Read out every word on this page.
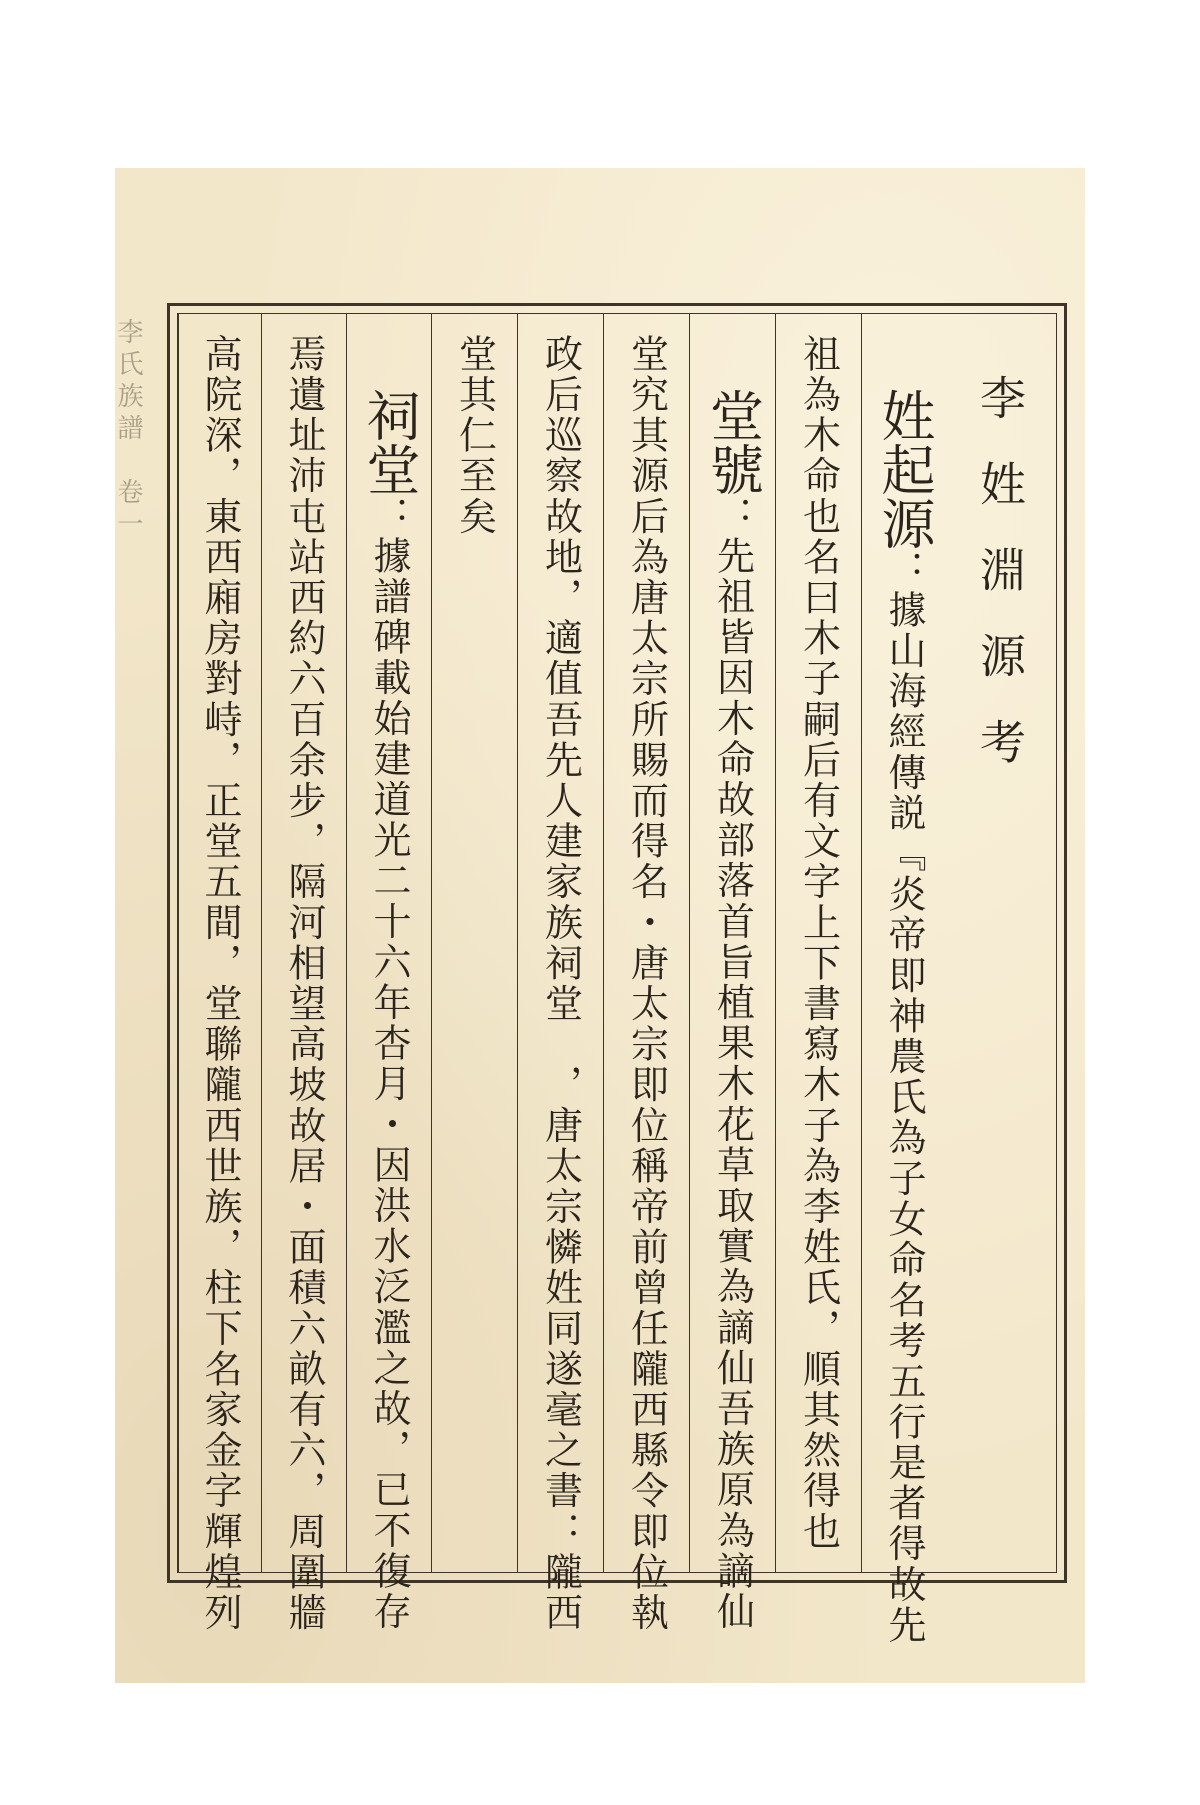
李氏族譜　卷一	李姓淵源考
姓起源：據山海經傳説『炎帝即神農氏為子女命名考五行是者得故先
祖為木命也名曰木子嗣后有文字上下書寫木子為李姓氏，順其然得也
堂號：先祖皆因木命故部落首旨植果木花草取實為謫仙吾族原為謫仙
堂究其源后為唐太宗所賜而得名・唐太宗即位稱帝前曾任隴西縣令即位執
政后巡察故地，適值吾先人建家族祠堂　，唐太宗憐姓同遂毫之書：隴西
堂其仁至矣
祠堂：據譜碑載始建道光二十六年杏月・因洪水泛濫之故，已不復存
焉遺址沛屯站西約六百余步，隔河相望高坡故居・面積六畝有六，周圍牆
高院深，東西廂房對峙，正堂五間，堂聯隴西世族，柱下名家金字輝煌列
